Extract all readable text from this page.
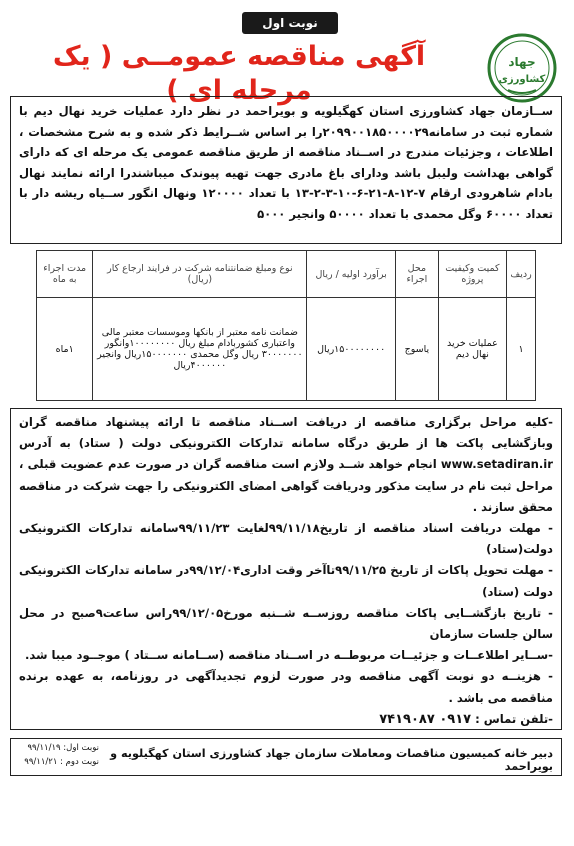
نوبت اول
آگهی مناقصه عمومــی ( یک مرحله ای )
جهاد
کشاورزی
ســازمان جهاد کشاورزی استان کهگیلویه و بویراحمد در نظر دارد عملیات خرید نهال دیم با شماره ثبت در سامانه۲۰۹۹۰۰۱۸۵۰۰۰۰۲۹را بر اساس شــرایط ذکر شده و به شرح مشخصات ، اطلاعات ، وجزئیات مندرج در اســناد مناقصه از طریق مناقصه عمومی یک مرحله ای که دارای گواهی بهداشت ولیبل باشد ودارای باغ مادری جهت تهیه پیوندک میباشندرا ارائه نمایند نهال بادام شاهرودی ارقام ۷-۱۲-۸-۲۱-۶-۱۰-۳-۲-۱۳ با تعداد ۱۲۰۰۰۰ ونهال انگور ســیاه ریشه دار با تعداد ۶۰۰۰۰ وگل محمدی با تعداد ۵۰۰۰۰ وانجیر ۵۰۰۰
ردیف	کمیت وکیفیت پروژه	محل اجراء	برآورد اولیه / ریال	نوع ومبلغ ضمانتنامه شرکت در فرایند ارجاع کار (ریال)	مدت اجراء به ماه
۱	عملیات خرید نهال دیم	یاسوج	۱۵۰۰۰۰۰۰۰۰ریال	ضمانت نامه معتبر از بانکها وموسسات معتبر مالی واعتباری کشوربادام مبلغ ریال ۱۰۰۰۰۰۰۰۰وانگور ۳۰۰۰۰۰۰۰ ریال وگل محمدی ۱۵۰۰۰۰۰۰۰ریال وانجیر ۴۰۰۰۰۰۰ریال	۱ماه

-کلیه مراحل برگزاری مناقصه از دریافت اســناد مناقصه تا ارائه پیشنهاد مناقصه گران وبازگشایی پاکت ها از طریق درگاه سامانه تدارکات الکترونیکی دولت ( ستاد) به آدرس www.setadiran.ir انجام خواهد شــد ولازم است مناقصه گران در صورت عدم عضویت قبلی ، مراحل ثبت نام در سایت مذکور ودریافت گواهی امضای الکترونیکی را جهت شرکت در مناقصه محقق سازند .

- مهلت دریافت اسناد مناقصه از تاریخ۹۹/۱۱/۱۸لغایت ۹۹/۱۱/۲۳سامانه تدارکات الکترونیکی دولت(ستاد)

- مهلت تحویل پاکات از تاریخ ۹۹/۱۱/۲۵تاآخر وقت اداری۹۹/۱۲/۰۴در سامانه تدارکات الکترونیکی دولت (ستاد)

- تاریخ بازگشــایی پاکات مناقصه روزســه شــنبه مورخ۹۹/۱۲/۰۵راس ساعت۹صبح در محل سالن جلسات سازمان

-ســایر اطلاعــات و جزئیــات مربوطــه در اســناد مناقصه (ســامانه ســتاد ) موجــود میبا شد.

- هزینــه دو نوبت آگهی مناقصه ودر صورت لزوم تجدیدآگهی در روزنامه، به عهده برنده مناقصه می باشد .

-تلفن تماس : ۰۹۱۷ ۷۴۱۹۰۸۷

نوبت اول: ۹۹/۱۱/۱۹
نوبت دوم : ۹۹/۱۱/۲۱
دبیر خانه کمیسیون مناقصات ومعاملات سازمان جهاد کشاورزی استان کهگیلویه و بویراحمد
